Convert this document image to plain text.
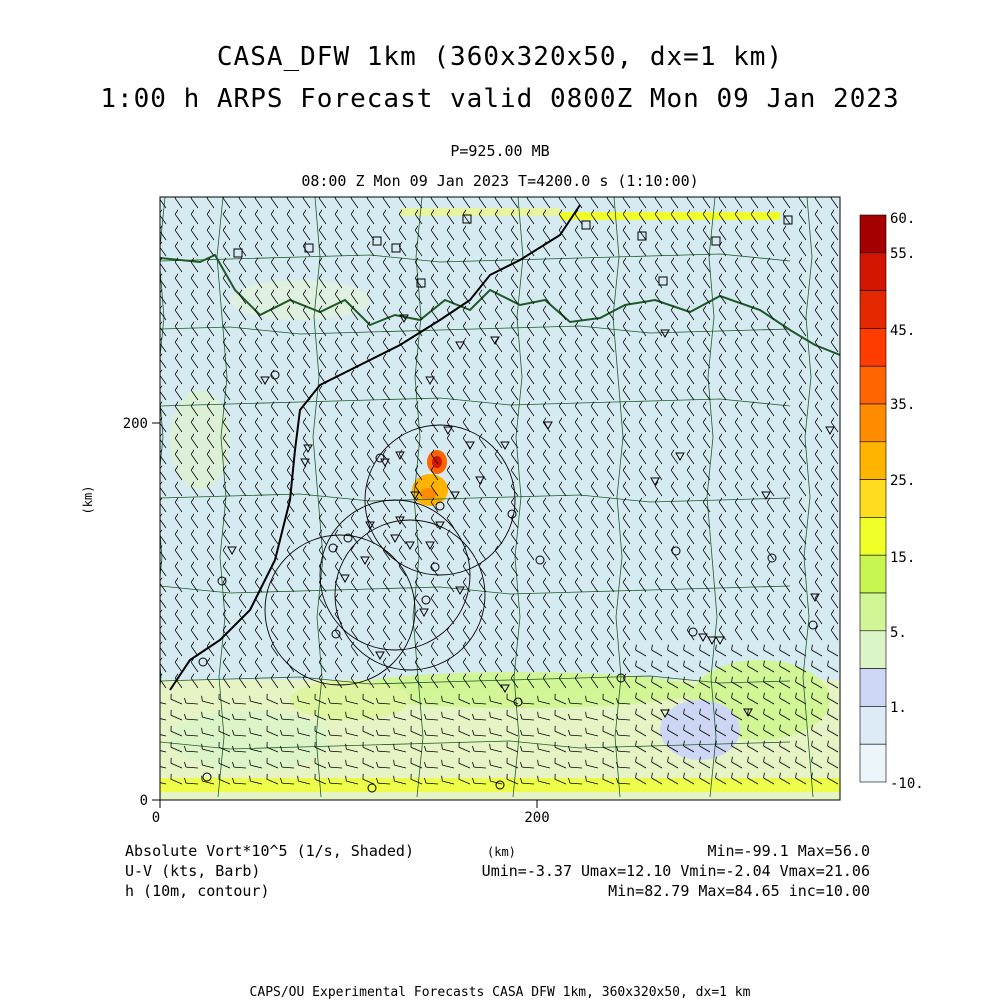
CASA_DFW 1km (360x320x50, dx=1 km)
1:00 h ARPS Forecast valid 0800Z Mon 09 Jan 2023
P=925.00 MB
08:00 Z Mon 09 Jan 2023 T=4200.0 s (1:10:00)
0	200
0
200
(km)
60.
55.
45.
35.
25.
15.
5.
1.
-10.
Absolute Vort*10^5 (1/s, Shaded)
U-V (kts, Barb)
h (10m, contour)
(km)	Min=-99.1 Max=56.0
Umin=-3.37 Umax=12.10 Vmin=-2.04 Vmax=21.06
Min=82.79 Max=84.65 inc=10.00
CAPS/OU Experimental Forecasts CASA DFW 1km, 360x320x50, dx=1 km
